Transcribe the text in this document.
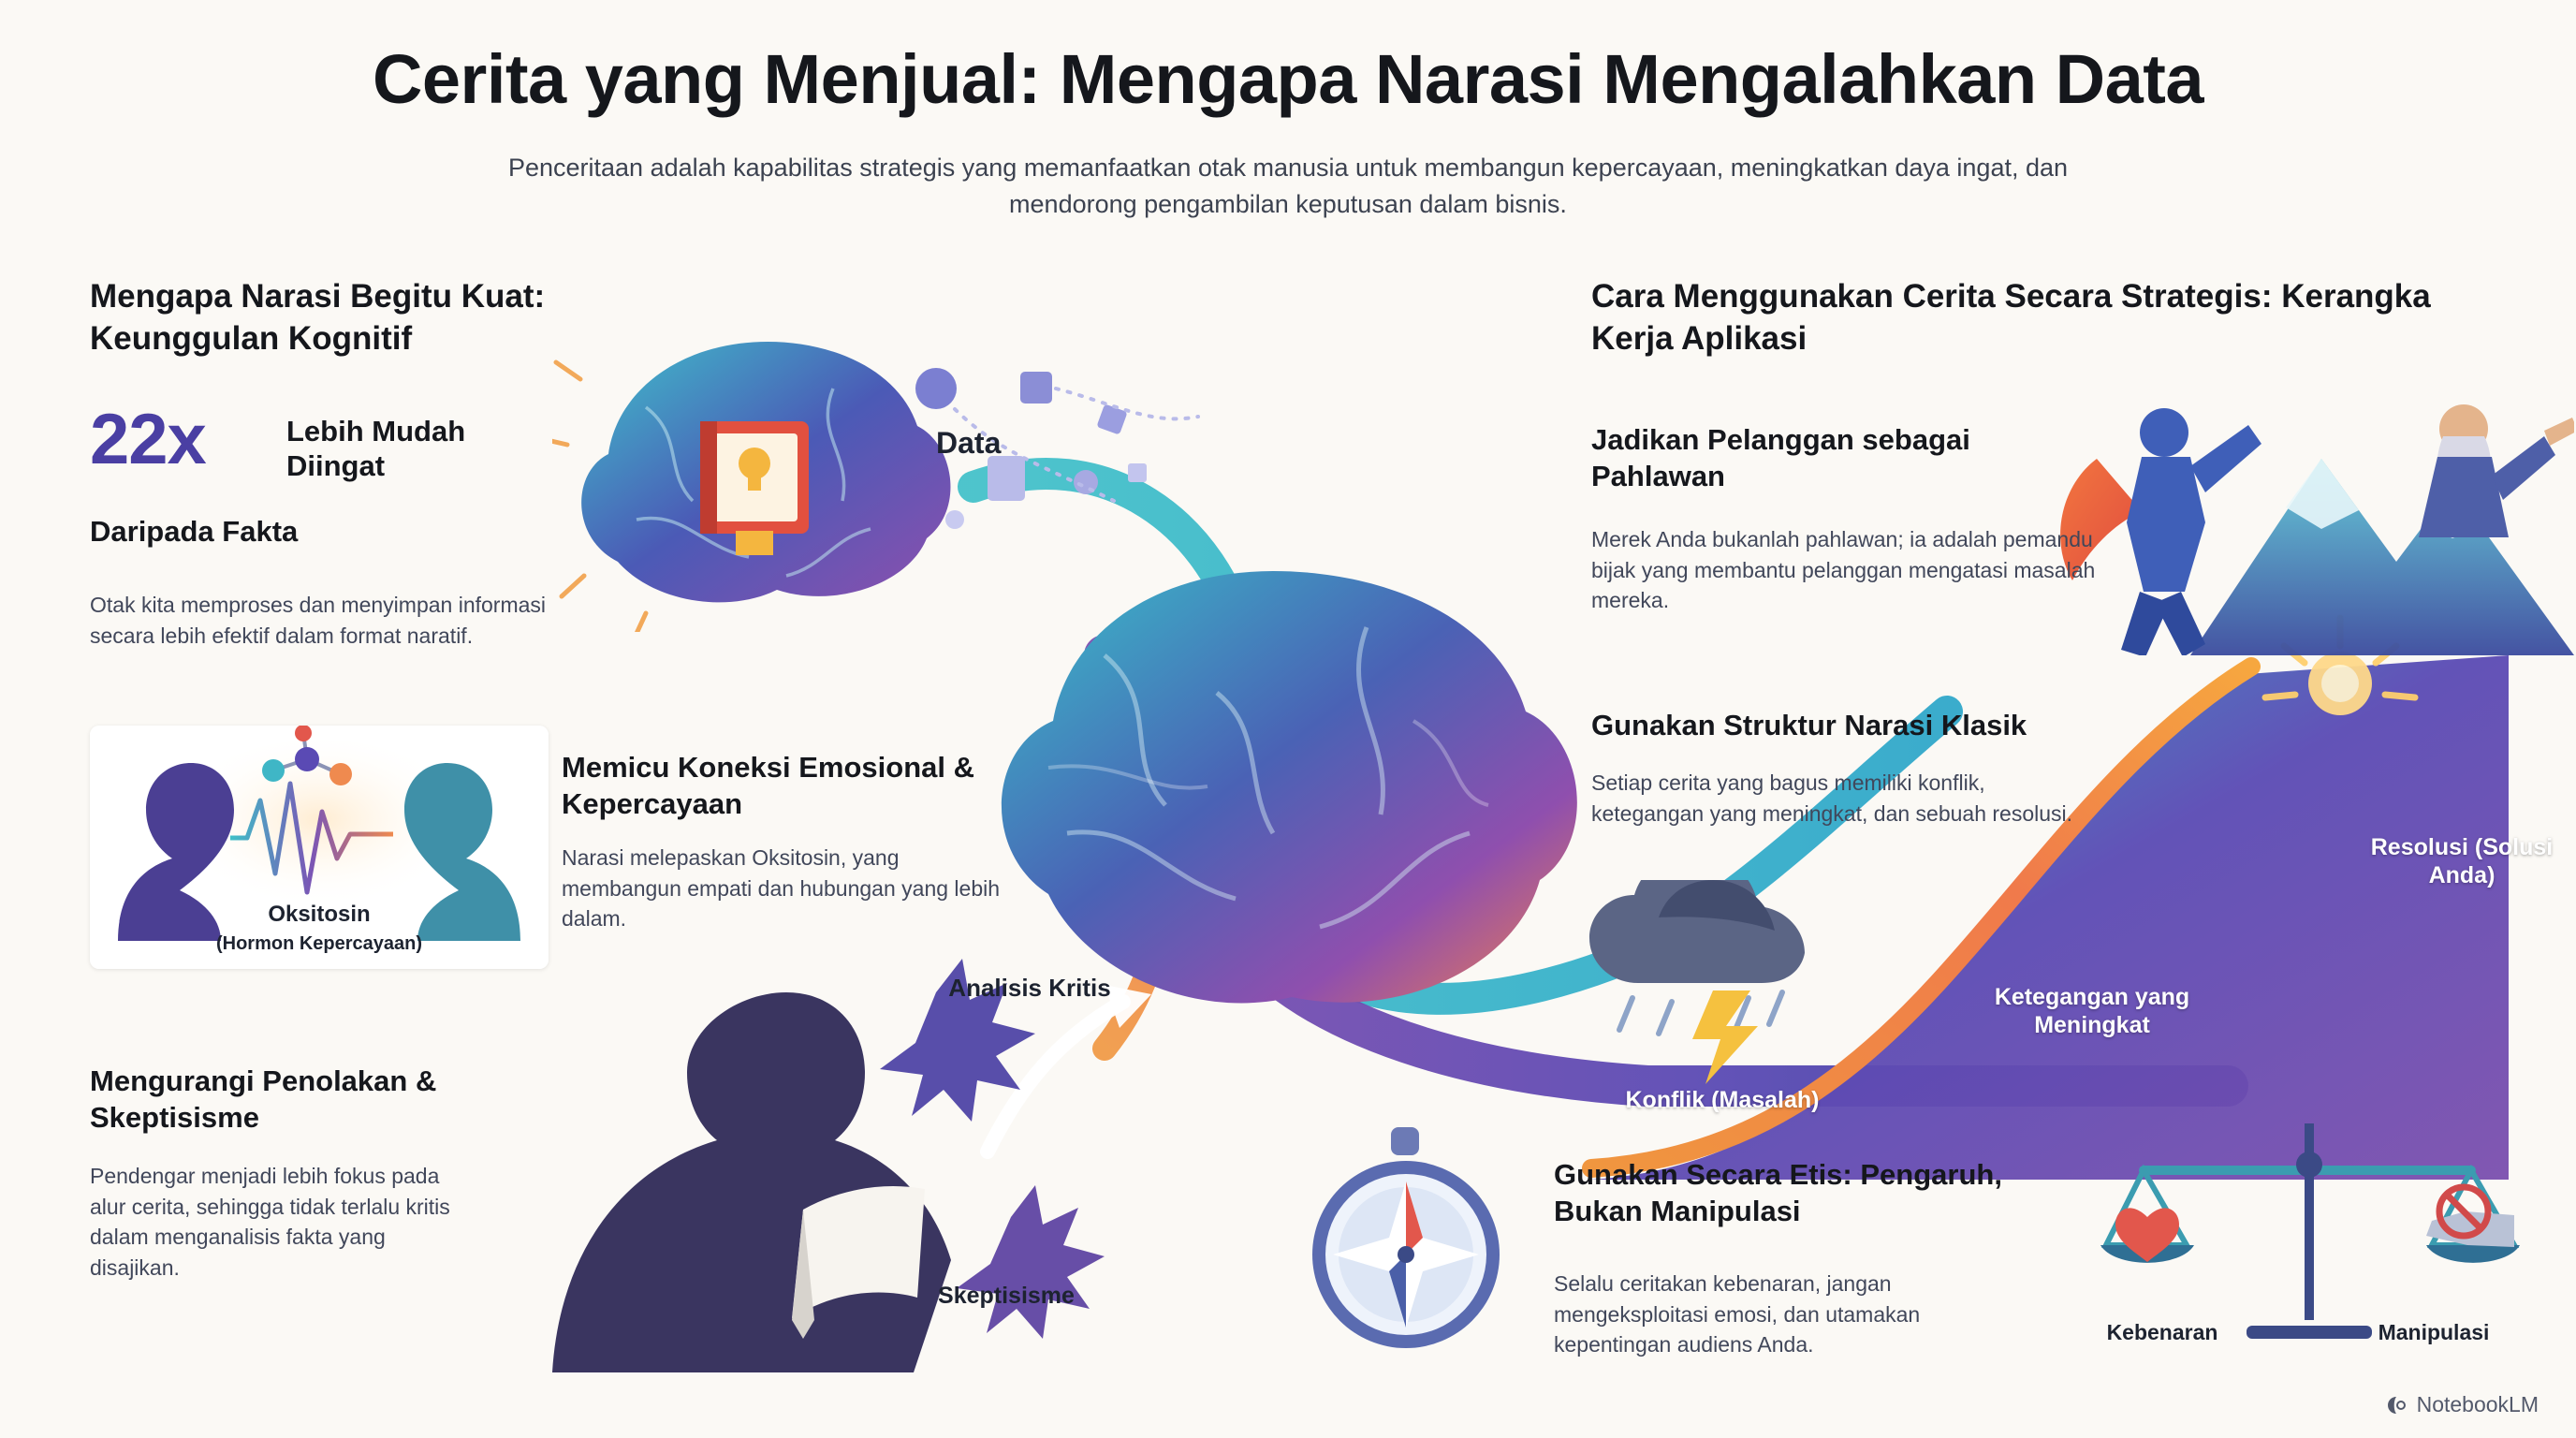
Cerita yang Menjual: Mengapa Narasi Mengalahkan Data
Penceritaan adalah kapabilitas strategis yang memanfaatkan otak manusia untuk membangun kepercayaan, meningkatkan daya ingat, dan mendorong pengambilan keputusan dalam bisnis.
Mengapa Narasi Begitu Kuat: Keunggulan Kognitif
22x	Lebih Mudah Diingat
Daripada Fakta
Otak kita memproses dan menyimpan informasi secara lebih efektif dalam format naratif.
Oksitosin
(Hormon Kepercayaan)
Memicu Koneksi Emosional & Kepercayaan
Narasi melepaskan Oksitosin, yang membangun empati dan hubungan yang lebih dalam.
Mengurangi Penolakan & Skeptisisme
Pendengar menjadi lebih fokus pada alur cerita, sehingga tidak terlalu kritis dalam menganalisis fakta yang disajikan.
Data
Analisis Kritis
Skeptisisme
Cara Menggunakan Cerita Secara Strategis: Kerangka Kerja Aplikasi
Jadikan Pelanggan sebagai Pahlawan
Merek Anda bukanlah pahlawan; ia adalah pemandu bijak yang membantu pelanggan mengatasi masalah mereka.
Gunakan Struktur Narasi Klasik
Setiap cerita yang bagus memiliki konflik, ketegangan yang meningkat, dan sebuah resolusi.
Gunakan Secara Etis: Pengaruh, Bukan Manipulasi
Selalu ceritakan kebenaran, jangan mengeksploitasi emosi, dan utamakan kepentingan audiens Anda.
Konflik (Masalah)
Ketegangan yang Meningkat
Resolusi (Solusi Anda)
Kebenaran	Manipulasi
NotebookLM
